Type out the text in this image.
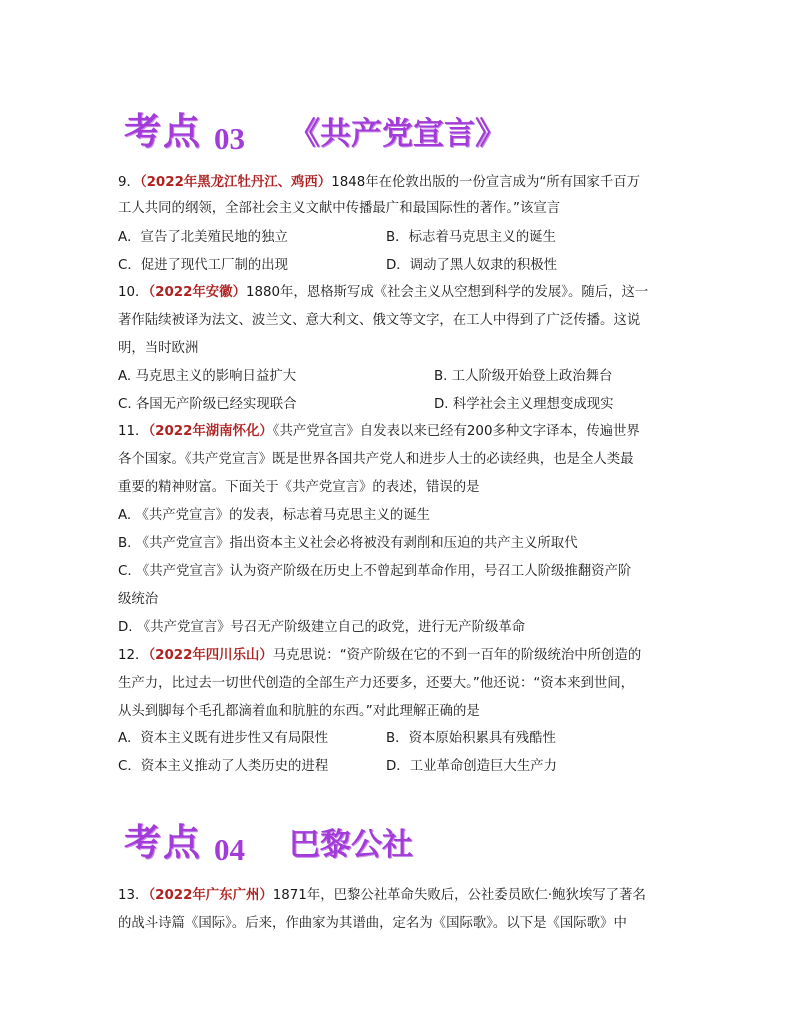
考点 03 《共产党宣言》
9．（2022年黑龙江牡丹江、鸡西）1848年在伦敦出版的一份宣言成为“所有国家千百万
工人共同的纲领，全部社会主义文献中传播最广和最国际性的著作。”该宣言
A．宣告了北美殖民地的独立	B．标志着马克思主义的诞生
C．促进了现代工厂制的出现	D．调动了黑人奴隶的积极性
10．（2022年安徽）1880年，恩格斯写成《社会主义从空想到科学的发展》。随后，这一
著作陆续被译为法文、波兰文、意大利文、俄文等文字，在工人中得到了广泛传播。这说
明，当时欧洲
A. 马克思主义的影响日益扩大	B. 工人阶级开始登上政治舞台
C. 各国无产阶级已经实现联合	D. 科学社会主义理想变成现实
11．（2022年湖南怀化）《共产党宣言》自发表以来已经有200多种文字译本，传遍世界
各个国家。《共产党宣言》既是世界各国共产党人和进步人士的必读经典，也是全人类最
重要的精神财富。下面关于《共产党宣言》的表述，错误的是
A. 《共产党宣言》的发表，标志着马克思主义的诞生
B. 《共产党宣言》指出资本主义社会必将被没有剥削和压迫的共产主义所取代
C. 《共产党宣言》认为资产阶级在历史上不曾起到革命作用，号召工人阶级推翻资产阶
级统治
D. 《共产党宣言》号召无产阶级建立自己的政党，进行无产阶级革命
12．（2022年四川乐山）马克思说：“资产阶级在它的不到一百年的阶级统治中所创造的
生产力，比过去一切世代创造的全部生产力还要多，还要大。”他还说：“资本来到世间，
从头到脚每个毛孔都滴着血和肮脏的东西。”对此理解正确的是
A．资本主义既有进步性又有局限性	B．资本原始积累具有残酷性
C．资本主义推动了人类历史的进程	D．工业革命创造巨大生产力
考点 04 巴黎公社
13．（2022年广东广州）1871年，巴黎公社革命失败后，公社委员欧仁·鲍狄埃写了著名
的战斗诗篇《国际》。后来，作曲家为其谱曲，定名为《国际歌》。以下是《国际歌》中
